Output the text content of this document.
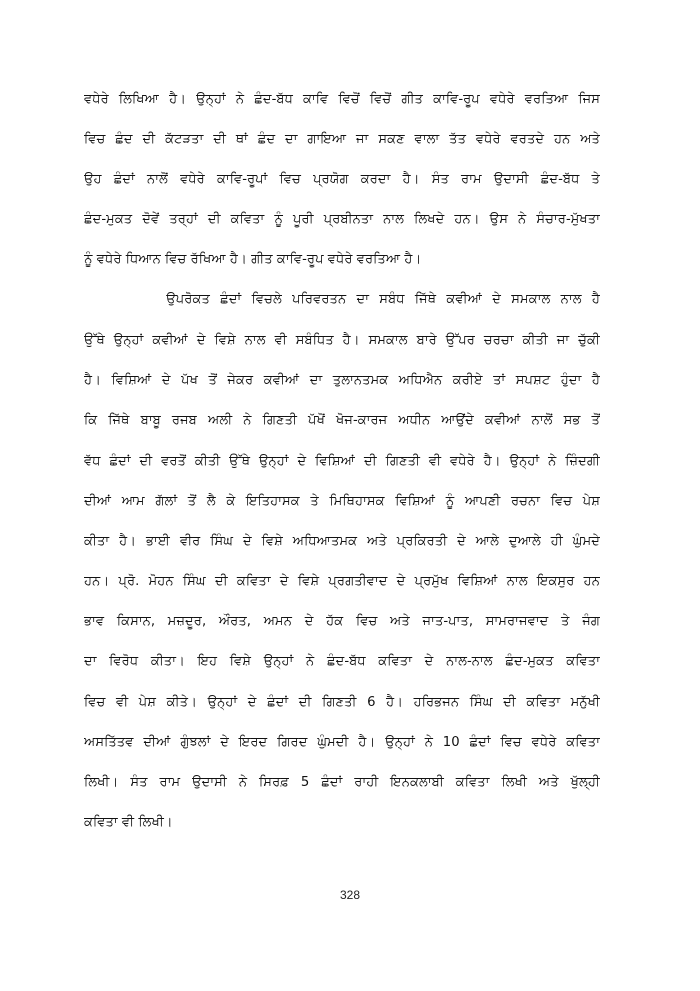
ਵਧੇਰੇ ਲਿਖਿਆ ਹੈ। ਉਨ੍ਹਾਂ ਨੇ ਛੰਦ-ਬੱਧ ਕਾਵਿ ਵਿਚੋਂ ਵਿਚੋਂ ਗੀਤ ਕਾਵਿ-ਰੂਪ ਵਧੇਰੇ ਵਰਤਿਆ ਜਿਸ
ਵਿਚ ਛੰਦ ਦੀ ਕੱਟੜਤਾ ਦੀ ਥਾਂ ਛੰਦ ਦਾ ਗਾਇਆ ਜਾ ਸਕਣ ਵਾਲਾ ਤੱਤ ਵਧੇਰੇ ਵਰਤਦੇ ਹਨ ਅਤੇ
ਉਹ ਛੰਦਾਂ ਨਾਲੋਂ ਵਧੇਰੇ ਕਾਵਿ-ਰੂਪਾਂ ਵਿਚ ਪ੍ਰਯੋਗ ਕਰਦਾ ਹੈ। ਸੰਤ ਰਾਮ ਉਦਾਸੀ ਛੰਦ-ਬੱਧ ਤੇ
ਛੰਦ-ਮੁਕਤ ਦੋਵੇਂ ਤਰ੍ਹਾਂ ਦੀ ਕਵਿਤਾ ਨੂੰ ਪੂਰੀ ਪ੍ਰਬੀਨਤਾ ਨਾਲ ਲਿਖਦੇ ਹਨ। ਉਸ ਨੇ ਸੰਚਾਰ-ਮੁੱਖਤਾ
ਨੂੰ ਵਧੇਰੇ ਧਿਆਨ ਵਿਚ ਰੱਖਿਆ ਹੈ। ਗੀਤ ਕਾਵਿ-ਰੂਪ ਵਧੇਰੇ ਵਰਤਿਆ ਹੈ।
ਉਪਰੋਕਤ ਛੰਦਾਂ ਵਿਚਲੇ ਪਰਿਵਰਤਨ ਦਾ ਸਬੰਧ ਜਿੱਥੇ ਕਵੀਆਂ ਦੇ ਸਮਕਾਲ ਨਾਲ ਹੈ
ਉੱਥੇ ਉਨ੍ਹਾਂ ਕਵੀਆਂ ਦੇ ਵਿਸ਼ੇ ਨਾਲ ਵੀ ਸਬੰਧਿਤ ਹੈ। ਸਮਕਾਲ ਬਾਰੇ ਉੱਪਰ ਚਰਚਾ ਕੀਤੀ ਜਾ ਚੁੱਕੀ
ਹੈ। ਵਿਸ਼ਿਆਂ ਦੇ ਪੱਖ ਤੋਂ ਜੇਕਰ ਕਵੀਆਂ ਦਾ ਤੁਲਾਨਤਮਕ ਅਧਿਐਨ ਕਰੀਏ ਤਾਂ ਸਪਸ਼ਟ ਹੁੰਦਾ ਹੈ
ਕਿ ਜਿੱਥੇ ਬਾਬੂ ਰਜਬ ਅਲੀ ਨੇ ਗਿਣਤੀ ਪੱਖੋਂ ਖੋਜ-ਕਾਰਜ ਅਧੀਨ ਆਉਂਦੇ ਕਵੀਆਂ ਨਾਲੋਂ ਸਭ ਤੋਂ
ਵੱਧ ਛੰਦਾਂ ਦੀ ਵਰਤੋਂ ਕੀਤੀ ਉੱਥੇ ਉਨ੍ਹਾਂ ਦੇ ਵਿਸ਼ਿਆਂ ਦੀ ਗਿਣਤੀ ਵੀ ਵਧੇਰੇ ਹੈ। ਉਨ੍ਹਾਂ ਨੇ ਜ਼ਿੰਦਗੀ
ਦੀਆਂ ਆਮ ਗੱਲਾਂ ਤੋਂ ਲੈ ਕੇ ਇਤਿਹਾਸਕ ਤੇ ਮਿਥਿਹਾਸਕ ਵਿਸ਼ਿਆਂ ਨੂੰ ਆਪਣੀ ਰਚਨਾ ਵਿਚ ਪੇਸ਼
ਕੀਤਾ ਹੈ। ਭਾਈ ਵੀਰ ਸਿੰਘ ਦੇ ਵਿਸ਼ੇ ਅਧਿਆਤਮਕ ਅਤੇ ਪ੍ਰਕਿਰਤੀ ਦੇ ਆਲੇ ਦੁਆਲੇ ਹੀ ਘੁੰਮਦੇ
ਹਨ। ਪ੍ਰੋ. ਮੋਹਨ ਸਿੰਘ ਦੀ ਕਵਿਤਾ ਦੇ ਵਿਸ਼ੇ ਪ੍ਰਗਤੀਵਾਦ ਦੇ ਪ੍ਰਮੁੱਖ ਵਿਸ਼ਿਆਂ ਨਾਲ ਇਕਸੁਰ ਹਨ
ਭਾਵ ਕਿਸਾਨ, ਮਜ਼ਦੂਰ, ਔਰਤ, ਅਮਨ ਦੇ ਹੱਕ ਵਿਚ ਅਤੇ ਜਾਤ-ਪਾਤ, ਸਾਮਰਾਜਵਾਦ ਤੇ ਜੰਗ
ਦਾ ਵਿਰੋਧ ਕੀਤਾ। ਇਹ ਵਿਸ਼ੇ ਉਨ੍ਹਾਂ ਨੇ ਛੰਦ-ਬੱਧ ਕਵਿਤਾ ਦੇ ਨਾਲ-ਨਾਲ ਛੰਦ-ਮੁਕਤ ਕਵਿਤਾ
ਵਿਚ ਵੀ ਪੇਸ਼ ਕੀਤੇ। ਉਨ੍ਹਾਂ ਦੇ ਛੰਦਾਂ ਦੀ ਗਿਣਤੀ 6 ਹੈ। ਹਰਿਭਜਨ ਸਿੰਘ ਦੀ ਕਵਿਤਾ ਮਨੁੱਖੀ
ਅਸਤਿੱਤਵ ਦੀਆਂ ਗੁੰਝਲਾਂ ਦੇ ਇਰਦ ਗਿਰਦ ਘੁੰਮਦੀ ਹੈ। ਉਨ੍ਹਾਂ ਨੇ 10 ਛੰਦਾਂ ਵਿਚ ਵਧੇਰੇ ਕਵਿਤਾ
ਲਿਖੀ। ਸੰਤ ਰਾਮ ਉਦਾਸੀ ਨੇ ਸਿਰਫ਼ 5 ਛੰਦਾਂ ਰਾਹੀ ਇਨਕਲਾਬੀ ਕਵਿਤਾ ਲਿਖੀ ਅਤੇ ਖੁੱਲ੍ਹੀ
ਕਵਿਤਾ ਵੀ ਲਿਖੀ।
328
